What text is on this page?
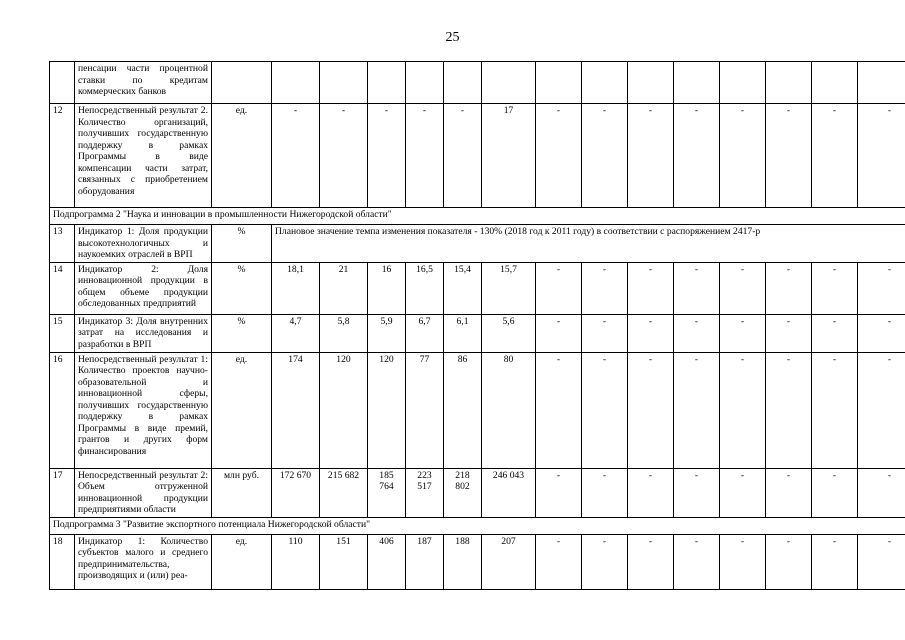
25
	пенсации части процентной ставки по кредитам коммерческих банков															
12	Непосредственный результат 2. Количество организаций, получивших государственную поддержку в рамках Программы в виде компенсации части затрат, связанных с приобретением оборудования	ед.	-	-	-	-	-	17	-	-	-	-	-	-	-	-
Подпрограмма 2 "Наука и инновации в промышленности Нижегородской области"																
13	Индикатор 1: Доля продукции высокотехнологичных и наукоемких отраслей в ВРП	%	Плановое значение темпа изменения показателя - 130% (2018 год к 2011 году) в соответствии с распоряжением 2417-р													
14	Индикатор 2: Доля инновационной продукции в общем объеме продукции обследованных предприятий	%	18,1	21	16	16,5	15,4	15,7	-	-	-	-	-	-	-	-
15	Индикатор 3: Доля внутренних затрат на исследования и разработки в ВРП	%	4,7	5,8	5,9	6,7	6,1	5,6	-	-	-	-	-	-	-	-
16	Непосредственный результат 1: Количество проектов научно-образовательной и инновационной сферы, получивших государственную поддержку в рамках Программы в виде премий, грантов и других форм финансирования	ед.	174	120	120	77	86	80	-	-	-	-	-	-	-	-
17	Непосредственный результат 2: Объем отгруженной инновационной продукции предприятиями области	млн руб.	172 670	215 682	185 764	223 517	218 802	246 043	-	-	-	-	-	-	-	-
Подпрограмма 3 "Развитие экспортного потенциала Нижегородской области"																
18	Индикатор 1: Количество субъектов малого и среднего предпринимательства, производящих и (или) реа-	ед.	110	151	406	187	188	207	-	-	-	-	-	-	-	-
